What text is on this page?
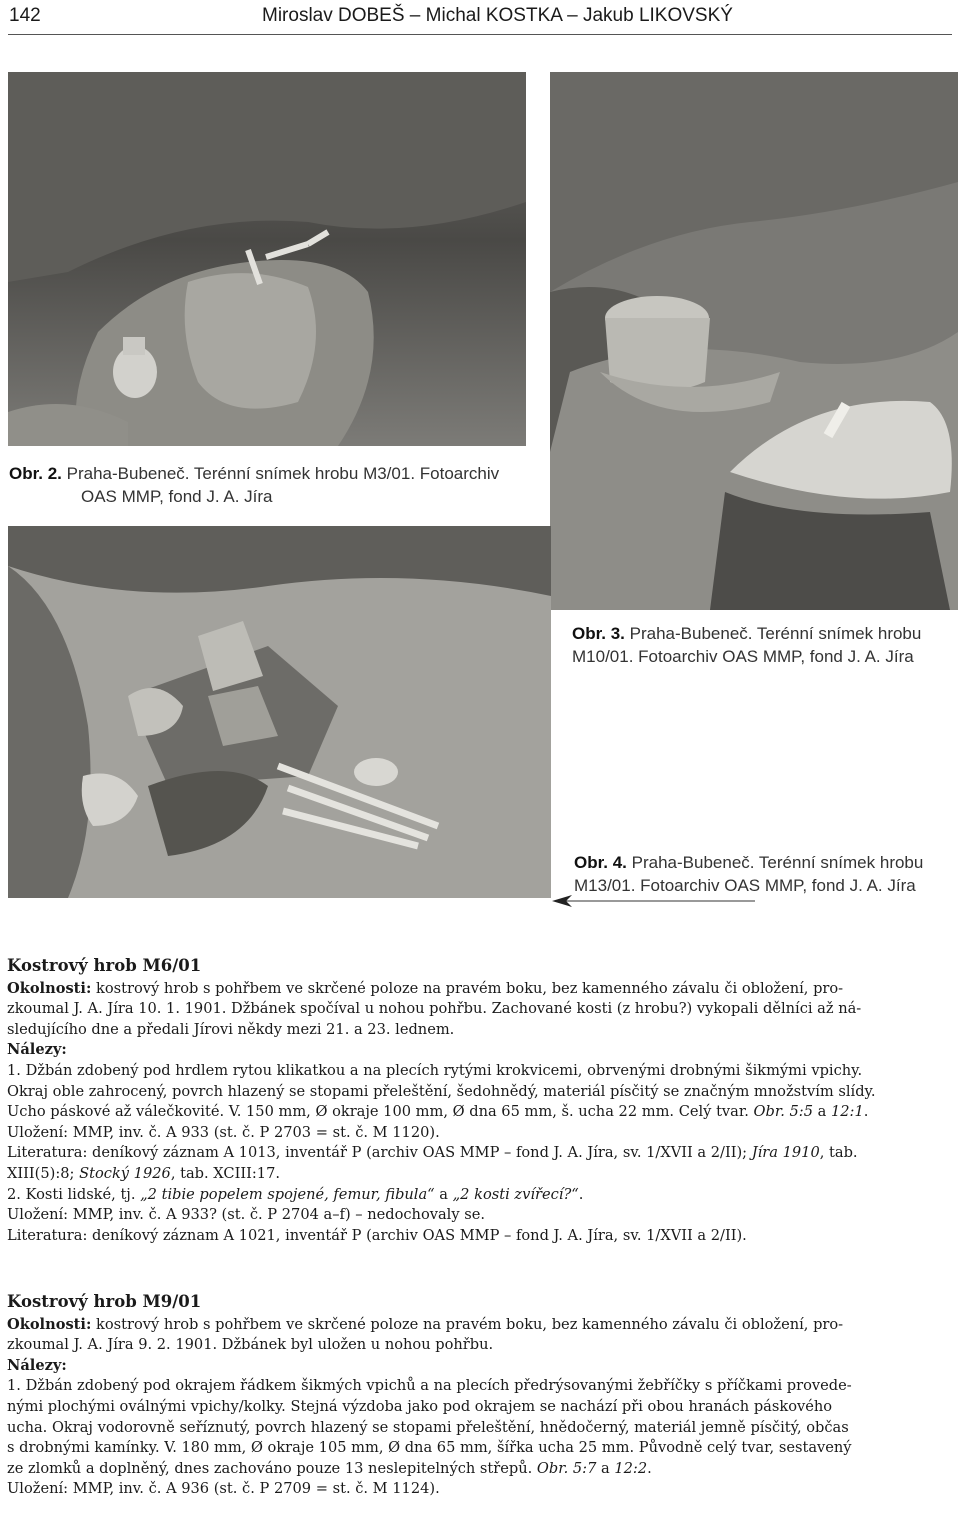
142	Miroslav DOBEŠ – Michal KOSTKA – Jakub LIKOVSKÝ
Obr. 2. Praha-Bubeneč. Terénní snímek hrobu M3/01. Fotoarchiv
OAS MMP, fond J. A. Jíra
Obr. 3. Praha-Bubeneč. Terénní snímek hrobu
M10/01. Fotoarchiv OAS MMP, fond J. A. Jíra
Obr. 4. Praha-Bubeneč. Terénní snímek hrobu
M13/01. Fotoarchiv OAS MMP, fond J. A. Jíra

Kostrový hrob M6/01

Okolnosti: kostrový hrob s pohřbem ve skrčené poloze na pravém boku, bez kamenného závalu či obložení, pro-

zkoumal J. A. Jíra 10. 1. 1901. Džbánek spočíval u nohou pohřbu. Zachované kosti (z hrobu?) vykopali dělníci až ná-

sledujícího dne a předali Jírovi někdy mezi 21. a 23. lednem.

Nálezy:

1. Džbán zdobený pod hrdlem rytou klikatkou a na plecích rytými krokvicemi, obrvenými drobnými šikmými vpichy.

Okraj oble zahrocený, povrch hlazený se stopami přeleštění, šedohnědý, materiál písčitý se značným množstvím slídy.

Ucho páskové až válečkovité. V. 150 mm, Ø okraje 100 mm, Ø dna 65 mm, š. ucha 22 mm. Celý tvar. Obr. 5:5 a 12:1.

Uložení: MMP, inv. č. A 933 (st. č. P 2703 = st. č. M 1120).

Literatura: deníkový záznam A 1013, inventář P (archiv OAS MMP – fond J. A. Jíra, sv. 1/XVII a 2/II); Jíra 1910, tab.

XIII(5):8; Stocký 1926, tab. XCIII:17.

2. Kosti lidské, tj. „2 tibie popelem spojené, femur, fibula“ a „2 kosti zvířecí?“.

Uložení: MMP, inv. č. A 933? (st. č. P 2704 a–f) – nedochovaly se.

Literatura: deníkový záznam A 1021, inventář P (archiv OAS MMP – fond J. A. Jíra, sv. 1/XVII a 2/II).

Kostrový hrob M9/01

Okolnosti: kostrový hrob s pohřbem ve skrčené poloze na pravém boku, bez kamenného závalu či obložení, pro-

zkoumal J. A. Jíra 9. 2. 1901. Džbánek byl uložen u nohou pohřbu.

Nálezy:

1. Džbán zdobený pod okrajem řádkem šikmých vpichů a na plecích předrýsovanými žebříčky s příčkami provede-

nými plochými oválnými vpichy/kolky. Stejná výzdoba jako pod okrajem se nachází při obou hranách páskového

ucha. Okraj vodorovně seříznutý, povrch hlazený se stopami přeleštění, hnědočerný, materiál jemně písčitý, občas

s drobnými kamínky. V. 180 mm, Ø okraje 105 mm, Ø dna 65 mm, šířka ucha 25 mm. Původně celý tvar, sestavený

ze zlomků a doplněný, dnes zachováno pouze 13 neslepitelných střepů. Obr. 5:7 a 12:2.

Uložení: MMP, inv. č. A 936 (st. č. P 2709 = st. č. M 1124).
